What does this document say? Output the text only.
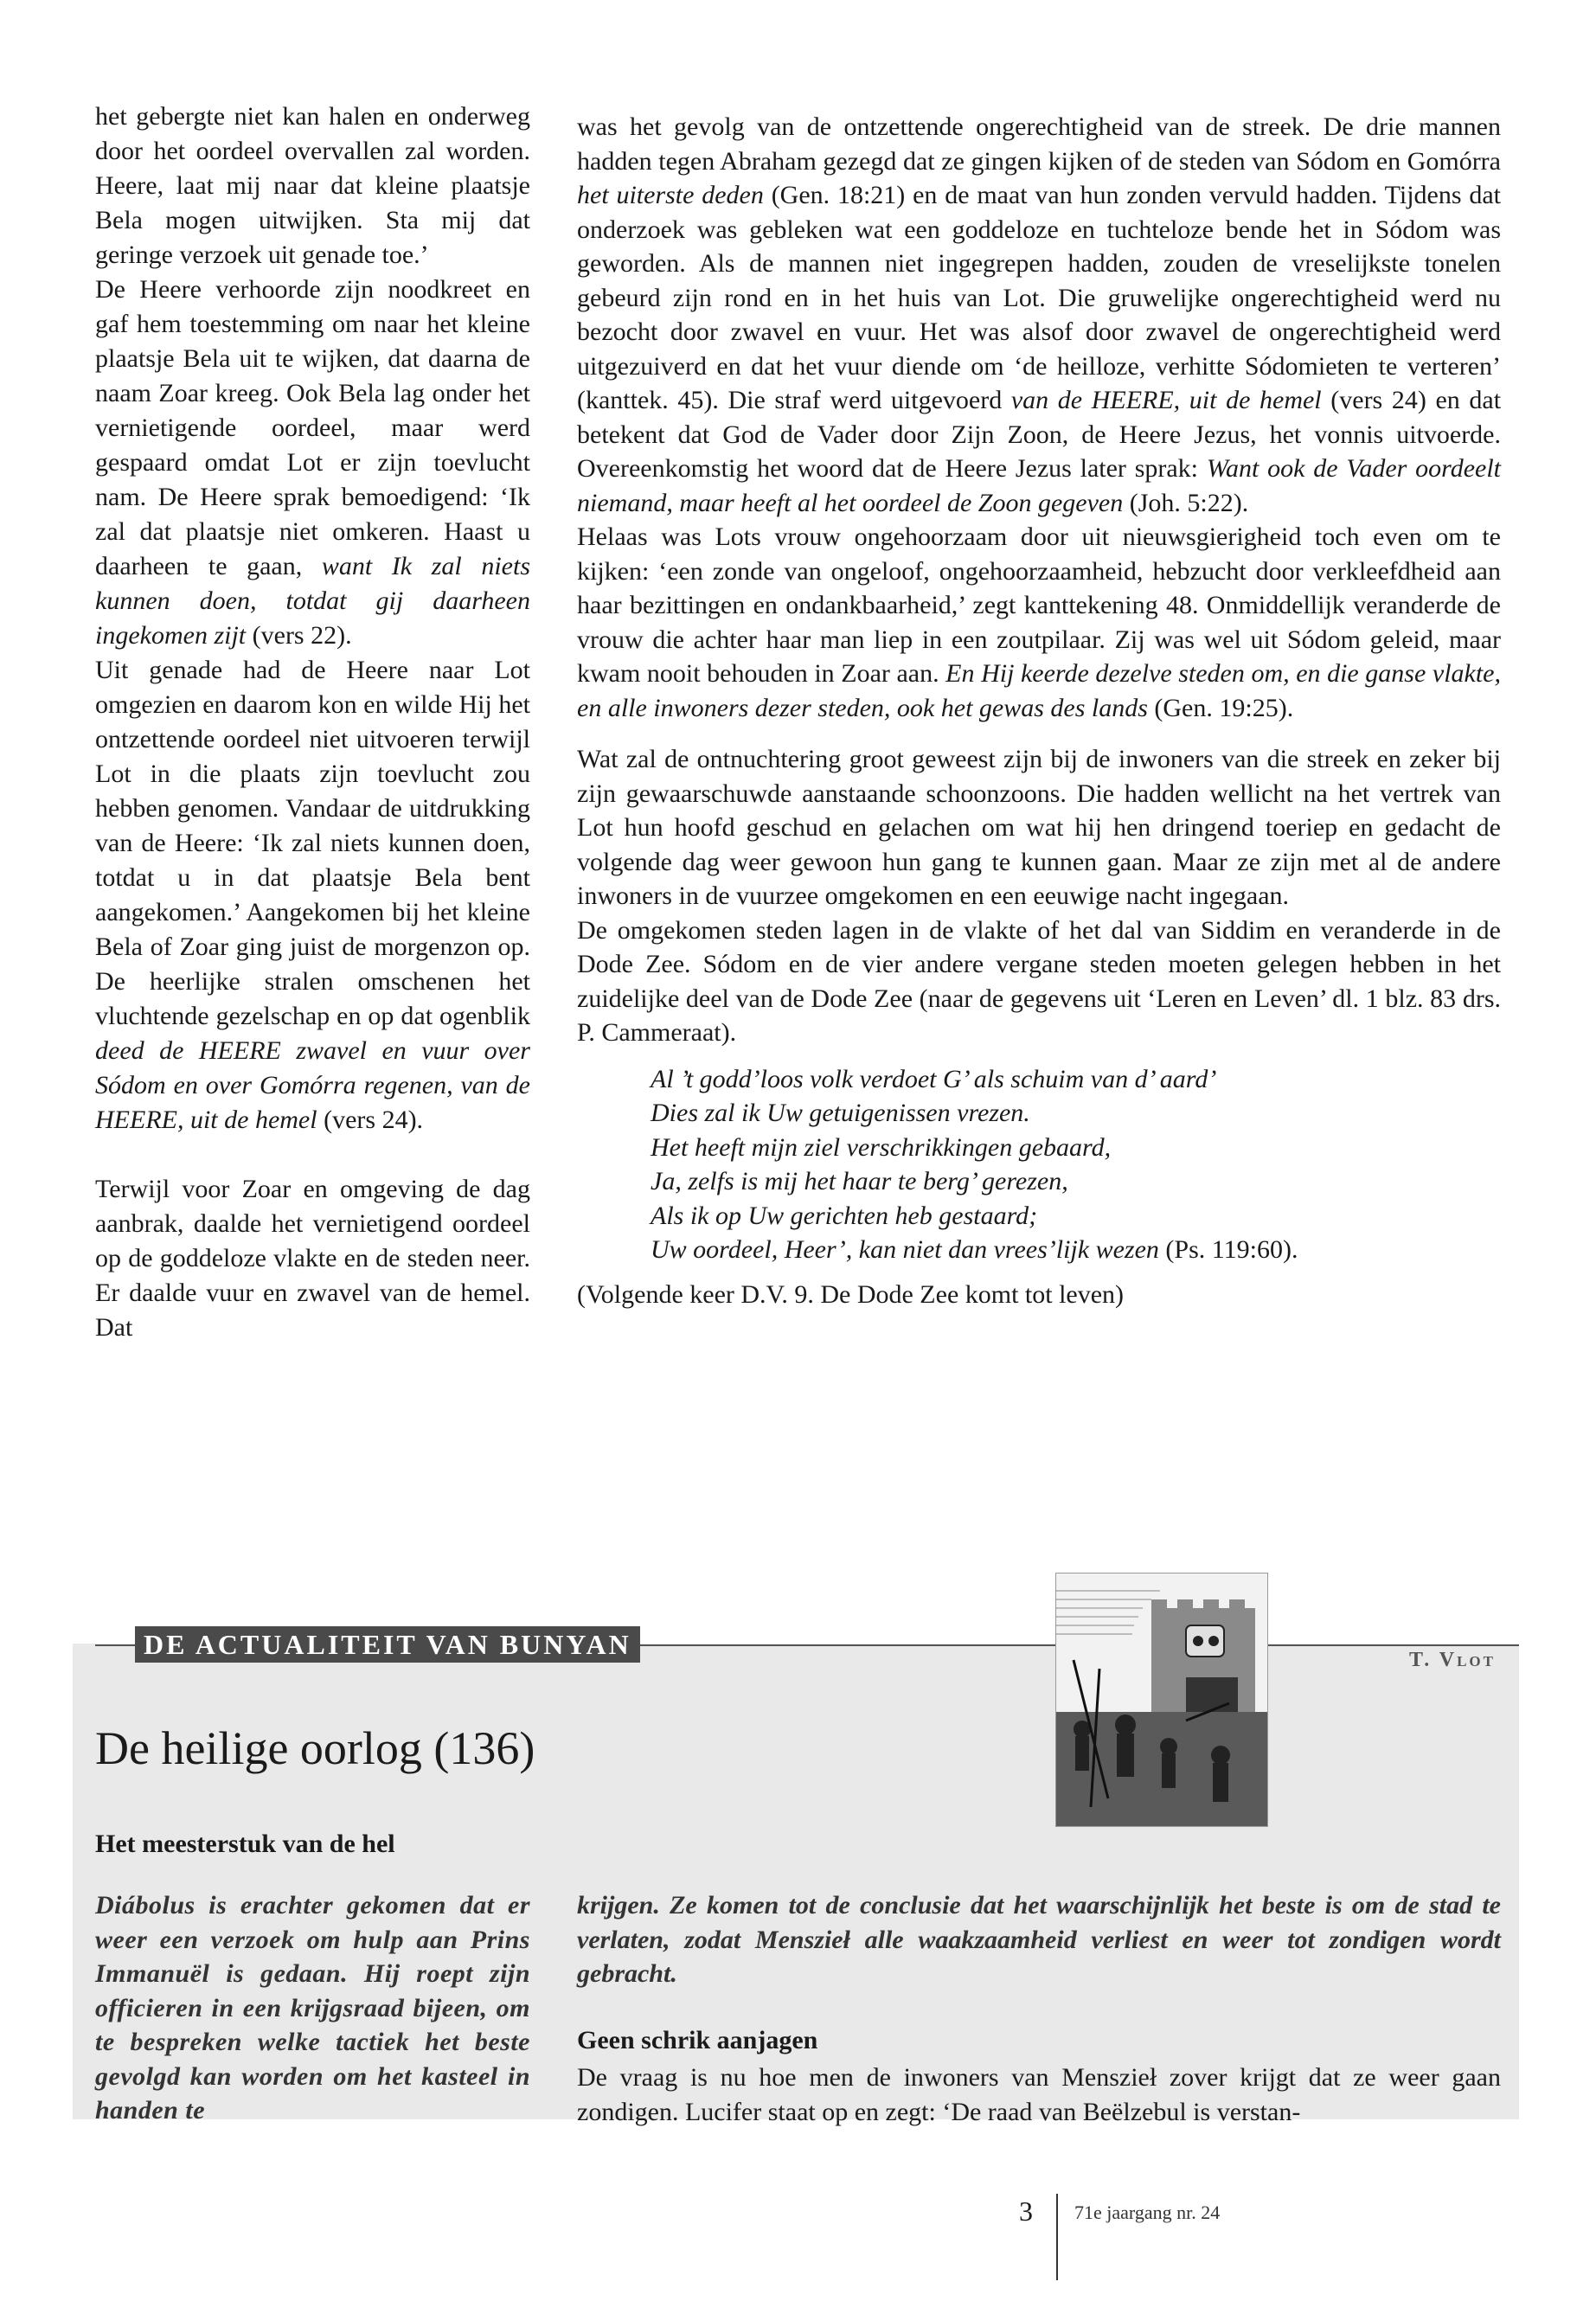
het gebergte niet kan halen en onderweg door het oordeel overvallen zal worden. Heere, laat mij naar dat kleine plaatsje Bela mogen uitwijken. Sta mij dat geringe verzoek uit genade toe.’

De Heere verhoorde zijn noodkreet en gaf hem toestemming om naar het kleine plaatsje Bela uit te wijken, dat daarna de naam Zoar kreeg. Ook Bela lag onder het vernietigende oordeel, maar werd gespaard omdat Lot er zijn toevlucht nam. De Heere sprak bemoedigend: ‘Ik zal dat plaatsje niet omkeren. Haast u daarheen te gaan, want Ik zal niets kunnen doen, totdat gij daarheen ingekomen zijt (vers 22).

Uit genade had de Heere naar Lot omgezien en daarom kon en wilde Hij het ontzettende oordeel niet uitvoeren terwijl Lot in die plaats zijn toevlucht zou hebben genomen. Vandaar de uitdrukking van de Heere: ‘Ik zal niets kunnen doen, totdat u in dat plaatsje Bela bent aangekomen.’ Aangekomen bij het kleine Bela of Zoar ging juist de morgenzon op. De heerlijke stralen omschenen het vluchtende gezelschap en op dat ogenblik deed de HEERE zwavel en vuur over Sódom en over Gomórra regenen, van de HEERE, uit de hemel (vers 24).

Terwijl voor Zoar en omgeving de dag aanbrak, daalde het vernietigend oordeel op de goddeloze vlakte en de steden neer. Er daalde vuur en zwavel van de hemel. Dat

was het gevolg van de ontzettende ongerechtigheid van de streek. De drie mannen hadden tegen Abraham gezegd dat ze gingen kijken of de steden van Sódom en Gomórra het uiterste deden (Gen. 18:21) en de maat van hun zonden vervuld hadden. Tijdens dat onderzoek was gebleken wat een goddeloze en tuchteloze bende het in Sódom was geworden. Als de mannen niet ingegrepen hadden, zouden de vreselijkste tonelen gebeurd zijn rond en in het huis van Lot. Die gruwelijke ongerechtigheid werd nu bezocht door zwavel en vuur. Het was alsof door zwavel de ongerechtigheid werd uitgezuiverd en dat het vuur diende om ‘de heilloze, verhitte Sódomieten te verteren’ (kanttek. 45). Die straf werd uitgevoerd van de HEERE, uit de hemel (vers 24) en dat betekent dat God de Vader door Zijn Zoon, de Heere Jezus, het vonnis uitvoerde. Overeenkomstig het woord dat de Heere Jezus later sprak: Want ook de Vader oordeelt niemand, maar heeft al het oordeel de Zoon gegeven (Joh. 5:22).

Helaas was Lots vrouw ongehoorzaam door uit nieuwsgierigheid toch even om te kijken: ‘een zonde van ongeloof, ongehoorzaamheid, hebzucht door verkleefdheid aan haar bezittingen en ondankbaarheid,’ zegt kanttekening 48. Onmiddellijk veranderde de vrouw die achter haar man liep in een zoutpilaar. Zij was wel uit Sódom geleid, maar kwam nooit behouden in Zoar aan. En Hij keerde dezelve steden om, en die ganse vlakte, en alle inwoners dezer steden, ook het gewas des lands (Gen. 19:25).

Wat zal de ontnuchtering groot geweest zijn bij de inwoners van die streek en zeker bij zijn gewaarschuwde aanstaande schoonzoons. Die hadden wellicht na het vertrek van Lot hun hoofd geschud en gelachen om wat hij hen dringend toeriep en gedacht de volgende dag weer gewoon hun gang te kunnen gaan. Maar ze zijn met al de andere inwoners in de vuurzee omgekomen en een eeuwige nacht ingegaan.

De omgekomen steden lagen in de vlakte of het dal van Siddim en veranderde in de Dode Zee. Sódom en de vier andere vergane steden moeten gelegen hebben in het zuidelijke deel van de Dode Zee (naar de gegevens uit ‘Leren en Leven’ dl. 1 blz. 83 drs. P. Cammeraat).

Al ’t godd’loos volk verdoet G’ als schuim van d’ aard’
Dies zal ik Uw getuigenissen vrezen.
Het heeft mijn ziel verschrikkingen gebaard,
Ja, zelfs is mij het haar te berg’ gerezen,
Als ik op Uw gerichten heb gestaard;
Uw oordeel, Heer’, kan niet dan vrees’lijk wezen (Ps. 119:60).

(Volgende keer D.V. 9. De Dode Zee komt tot leven)

DE ACTUALITEIT VAN BUNYAN	T. Vlot
De heilige oorlog (136)
Het meesterstuk van de hel
Diábolus is erachter gekomen dat er weer een verzoek om hulp aan Prins Immanuël is gedaan. Hij roept zijn officieren in een krijgsraad bijeen, om te bespreken welke tactiek het beste gevolgd kan worden om het kasteel in handen te
krijgen. Ze komen tot de conclusie dat het waarschijnlijk het beste is om de stad te verlaten, zodat Menszieł alle waakzaamheid verliest en weer tot zondigen wordt gebracht.
Geen schrik aanjagen
De vraag is nu hoe men de inwoners van Menszieł zover krijgt dat ze weer gaan zondigen. Lucifer staat op en zegt: ‘De raad van Beëlzebul is verstan-
3 71e jaargang nr. 24
